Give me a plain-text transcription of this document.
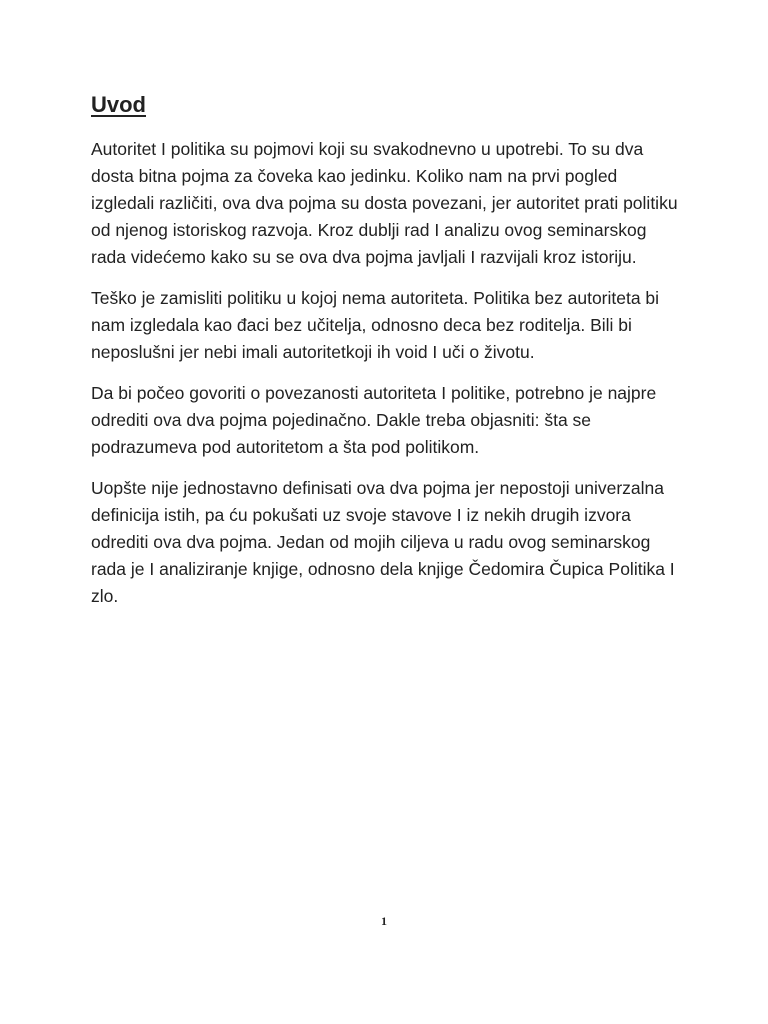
Uvod

Autoritet I politika su pojmovi koji su svakodnevno u upotrebi. To su dva dosta bitna pojma za čoveka kao jedinku. Koliko nam na prvi pogled izgledali različiti, ova dva pojma su dosta povezani, jer autoritet prati politiku od njenog istoriskog razvoja. Kroz dublji rad I analizu ovog seminarskog rada videćemo kako su se ova dva pojma javljali I razvijali kroz istoriju.

Teško je zamisliti politiku u kojoj nema autoriteta. Politika bez autoriteta bi nam izgledala kao đaci bez učitelja, odnosno deca bez roditelja. Bili bi neposlušni jer nebi imali autoritetkoji ih void I uči o životu.

Da bi počeo govoriti o povezanosti autoriteta I politike, potrebno je najpre odrediti ova dva pojma pojedinačno. Dakle treba objasniti: šta se podrazumeva pod autoritetom a šta pod politikom.

Uopšte nije jednostavno definisati ova dva pojma jer nepostoji univerzalna definicija istih, pa ću pokušati uz svoje stavove I iz nekih drugih izvora odrediti ova dva pojma. Jedan od mojih ciljeva u radu ovog seminarskog rada je I analiziranje knjige, odnosno dela knjige Čedomira Čupica Politika I zlo.

1
